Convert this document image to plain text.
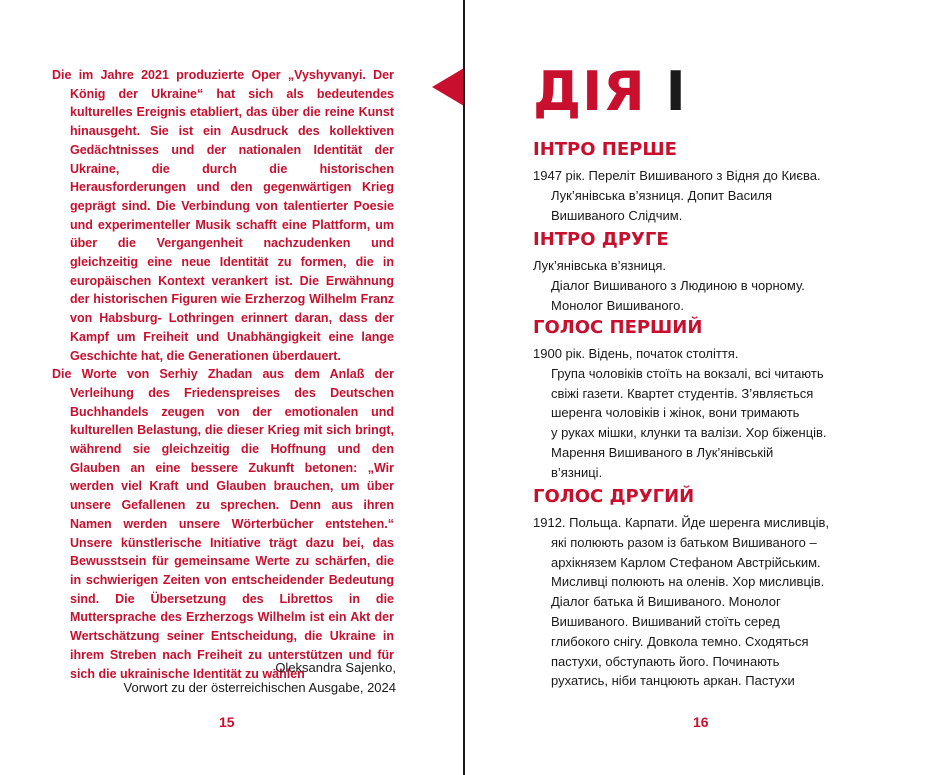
Die im Jahre 2021 produzierte Oper „Vyshyvanyi. Der König der Ukraine“ hat sich als bedeutendes kulturelles Ereignis etabliert, das über die reine Kunst hinausgeht. Sie ist ein Ausdruck des kollektiven Gedächtnisses und der nationalen Identität der Ukraine, die durch die historischen Herausforderungen und den gegenwärtigen Krieg geprägt sind. Die Verbindung von talentierter Poesie und experimenteller Musik schafft eine Plattform, um über die Vergangenheit nachzudenken und gleichzeitig eine neue Identität zu formen, die in europäischen Kontext verankert ist. Die Erwähnung der historischen Figuren wie Erzherzog Wilhelm Franz von Habsburg- Lothringen erinnert daran, dass der Kampf um Freiheit und Unabhängigkeit eine lange Geschichte hat, die Generationen überdauert.

Die Worte von Serhiy Zhadan aus dem Anlaß der Verleihung des Friedenspreises des Deutschen Buchhandels zeugen von der emotionalen und kulturellen Belastung, die dieser Krieg mit sich bringt, während sie gleichzeitig die Hoffnung und den Glauben an eine bessere Zukunft betonen: „Wir werden viel Kraft und Glauben brauchen, um über unsere Gefallenen zu sprechen. Denn aus ihren Namen werden unsere Wörterbücher entstehen.“ Unsere künstlerische Initiative trägt dazu bei, das Bewusstsein für gemeinsame Werte zu schärfen, die in schwierigen Zeiten von entscheidender Bedeutung sind. Die Übersetzung des Librettos in die Muttersprache des Erzherzogs Wilhelm ist ein Akt der Wertschätzung seiner Entscheidung, die Ukraine in ihrem Streben nach Freiheit zu unterstützen und für sich die ukrainische Identität zu wählen

Oleksandra Sajenko,
Vorwort zu der österreichischen Ausgabe, 2024
15
ДІЯ І
ІНТРО ПЕРШЕ
1947 рік. Переліт Вишиваного з Відня до Києва.
Лук’янівська в’язниця. Допит Василя
Вишиваного Слідчим.
ІНТРО ДРУГЕ
Лук’янівська в’язниця.
Діалог Вишиваного з Людиною в чорному.
Монолог Вишиваного.
ГОЛОС ПЕРШИЙ
1900 рік. Відень, початок століття.
Група чоловіків стоїть на вокзалі, всі читають
свіжі газети. Квартет студентів. З’являється
шеренга чоловіків і жінок, вони тримають
у руках мішки, клунки та валізи. Хор біженців.
Марення Вишиваного в Лук’янівській
в’язниці.
ГОЛОС ДРУГИЙ
1912. Польща. Карпати. Йде шеренга мисливців,
які полюють разом із батьком Вишиваного –
архікнязем Карлом Стефаном Австрійським.
Мисливці полюють на оленів. Хор мисливців.
Діалог батька й Вишиваного. Монолог
Вишиваного. Вишиваний стоїть серед
глибокого снігу. Довкола темно. Сходяться
пастухи, обступають його. Починають
рухатись, ніби танцюють аркан. Пастухи
16
